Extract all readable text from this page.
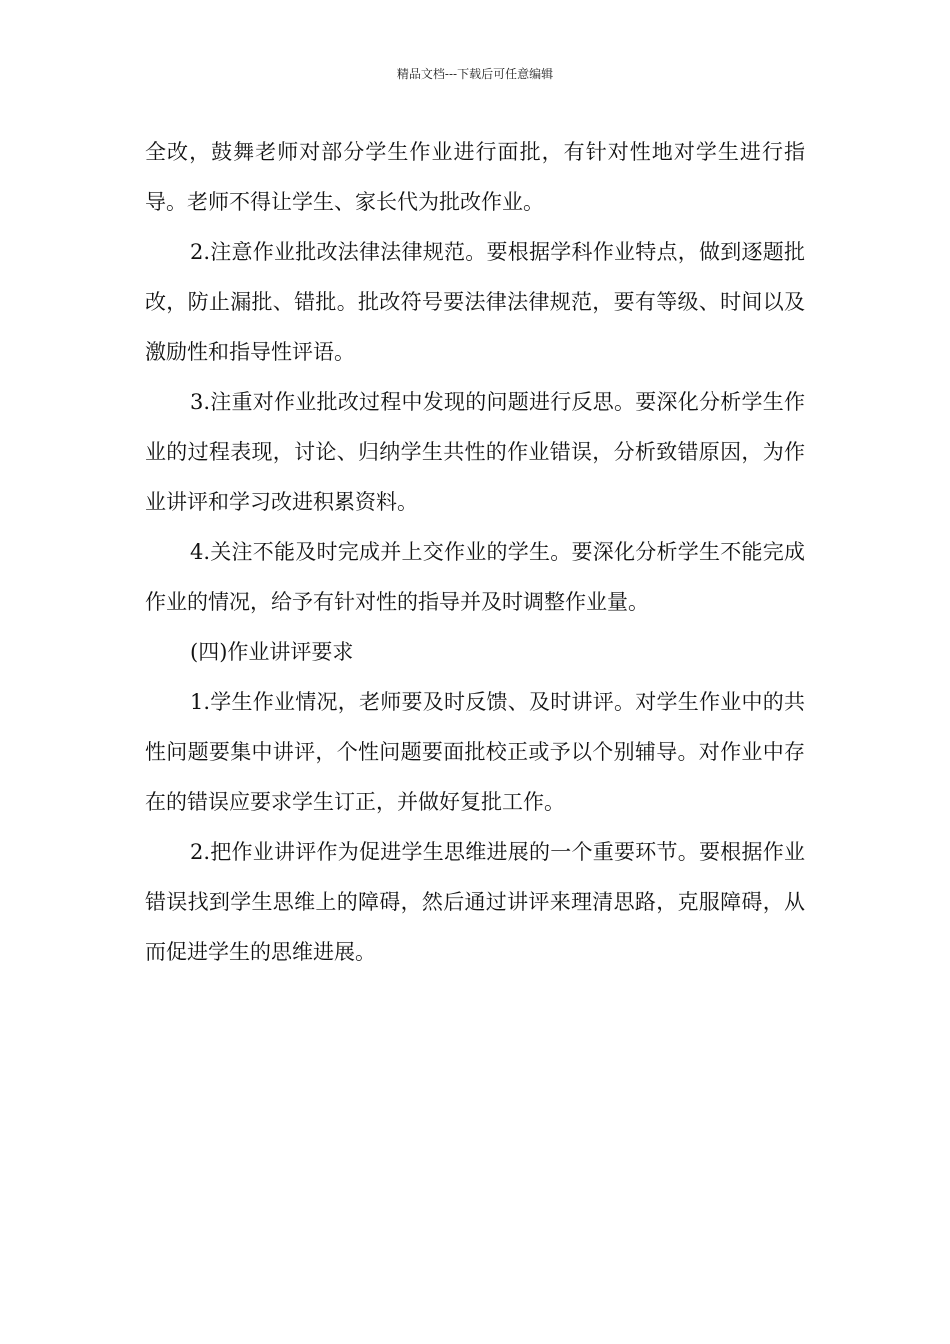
精品文档---下载后可任意编辑

全改，鼓舞老师对部分学生作业进行面批，有针对性地对学生进行指导。老师不得让学生、家长代为批改作业。

2.注意作业批改法律法律规范。要根据学科作业特点，做到逐题批改，防止漏批、错批。批改符号要法律法律规范，要有等级、时间以及激励性和指导性评语。

3.注重对作业批改过程中发现的问题进行反思。要深化分析学生作业的过程表现，讨论、归纳学生共性的作业错误，分析致错原因，为作业讲评和学习改进积累资料。

4.关注不能及时完成并上交作业的学生。要深化分析学生不能完成作业的情况，给予有针对性的指导并及时调整作业量。

(四)作业讲评要求

1.学生作业情况，老师要及时反馈、及时讲评。对学生作业中的共性问题要集中讲评，个性问题要面批校正或予以个别辅导。对作业中存在的错误应要求学生订正，并做好复批工作。

2.把作业讲评作为促进学生思维进展的一个重要环节。要根据作业错误找到学生思维上的障碍，然后通过讲评来理清思路，克服障碍，从而促进学生的思维进展。
